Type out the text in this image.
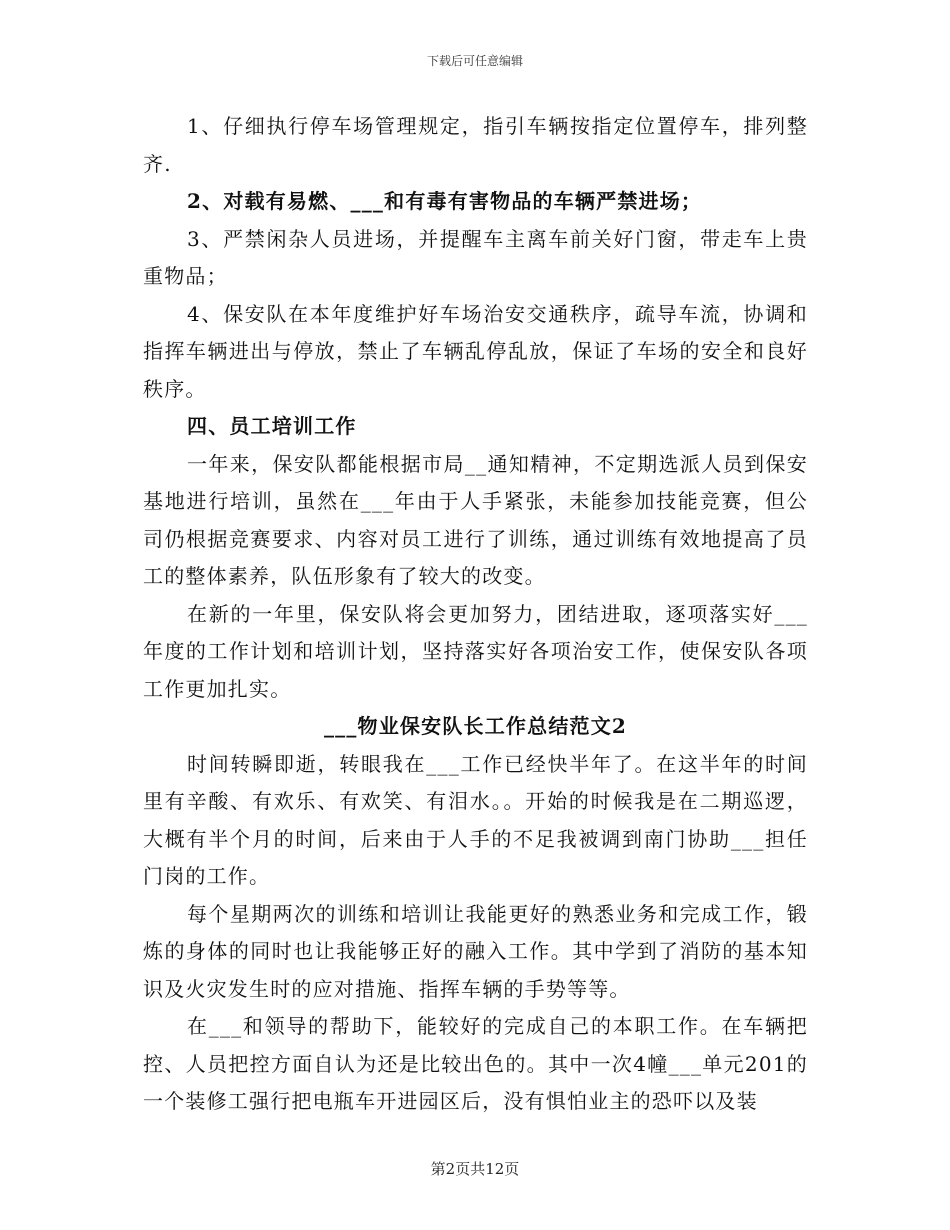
下载后可任意编辑

1、仔细执行停车场管理规定，指引车辆按指定位置停车，排列整齐.

2、对载有易燃、___和有毒有害物品的车辆严禁进场；

3、严禁闲杂人员进场，并提醒车主离车前关好门窗，带走车上贵重物品；

4、保安队在本年度维护好车场治安交通秩序，疏导车流，协调和指挥车辆进出与停放，禁止了车辆乱停乱放，保证了车场的安全和良好秩序。

四、员工培训工作

一年来，保安队都能根据市局__通知精神，不定期选派人员到保安基地进行培训，虽然在___年由于人手紧张，未能参加技能竞赛，但公司仍根据竞赛要求、内容对员工进行了训练，通过训练有效地提高了员工的整体素养，队伍形象有了较大的改变。

在新的一年里，保安队将会更加努力，团结进取，逐项落实好___年度的工作计划和培训计划，坚持落实好各项治安工作，使保安队各项工作更加扎实。

___物业保安队长工作总结范文2

时间转瞬即逝，转眼我在___工作已经快半年了。在这半年的时间里有辛酸、有欢乐、有欢笑、有泪水。。开始的时候我是在二期巡逻，大概有半个月的时间，后来由于人手的不足我被调到南门协助___担任门岗的工作。

每个星期两次的训练和培训让我能更好的熟悉业务和完成工作，锻炼的身体的同时也让我能够正好的融入工作。其中学到了消防的基本知识及火灾发生时的应对措施、指挥车辆的手势等等。

在___和领导的帮助下，能较好的完成自己的本职工作。在车辆把控、人员把控方面自认为还是比较出色的。其中一次4幢___单元201的一个装修工强行把电瓶车开进园区后，没有惧怕业主的恐吓以及装

第2页共12页
